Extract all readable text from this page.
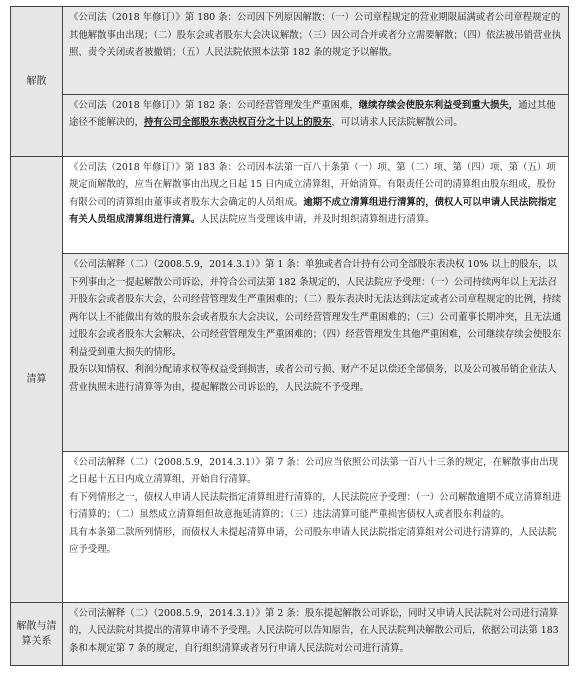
解散	《公司法（2018 年修订）》第 180 条：公司因下列原因解散：（一）公司章程规定的营业期限届满或者公司章程规定的其他解散事由出现；（二）股东会或者股东大会决议解散；（三）因公司合并或者分立需要解散；（四）依法被吊销营业执照、责令关闭或者被撤销；（五）人民法院依照本法第 182 条的规定予以解散。

	《公司法（2018 年修订）》第 182 条：公司经营管理发生严重困难，继续存续会使股东利益受到重大损失，通过其他途径不能解决的，持有公司全部股东表决权百分之十以上的股东，可以请求人民法院解散公司。

清算	《公司法（2018 年修订）》第 183 条：公司因本法第一百八十条第（一）项、第（二）项、第（四）项、第（五）项规定而解散的，应当在解散事由出现之日起 15 日内成立清算组，开始清算。有限责任公司的清算组由股东组成，股份有限公司的清算组由董事或者股东大会确定的人员组成。逾期不成立清算组进行清算的，债权人可以申请人民法院指定有关人员组成清算组进行清算。人民法院应当受理该申请，并及时组织清算组进行清算。

	《公司法解释（二）（2008.5.9，2014.3.1）》第 1 条：单独或者合计持有公司全部股东表决权 10% 以上的股东，以下列事由之一提起解散公司诉讼，并符合公司法第 182 条规定的，人民法院应予受理：（一）公司持续两年以上无法召开股东会或者股东大会，公司经营管理发生严重困难的；（二）股东表决时无法达到法定或者公司章程规定的比例，持续两年以上不能做出有效的股东会或者股东大会决议，公司经营管理发生严重困难的；（三）公司董事长期冲突，且无法通过股东会或者股东大会解决，公司经营管理发生严重困难的；（四）经营管理发生其他严重困难，公司继续存续会使股东利益受到重大损失的情形。

股东以知情权、利润分配请求权等权益受到损害，或者公司亏损、财产不足以偿还全部债务，以及公司被吊销企业法人营业执照未进行清算等为由，提起解散公司诉讼的，人民法院不予受理。

	《公司法解释（二）（2008.5.9，2014.3.1）》第 7 条：公司应当依照公司法第一百八十三条的规定，在解散事由出现之日起十五日内成立清算组，开始自行清算。

有下列情形之一，债权人申请人民法院指定清算组进行清算的，人民法院应予受理：（一）公司解散逾期不成立清算组进行清算的；（二）虽然成立清算组但故意拖延清算的；（三）违法清算可能严重损害债权人或者股东利益的。

具有本条第二款所列情形，而债权人未提起清算申请，公司股东申请人民法院指定清算组对公司进行清算的，人民法院应予受理。

解散与清算关系	《公司法解释（二）（2008.5.9，2014.3.1）》第 2 条：股东提起解散公司诉讼，同时又申请人民法院对公司进行清算的，人民法院对其提出的清算申请不予受理。人民法院可以告知原告，在人民法院判决解散公司后，依据公司法第 183 条和本规定第 7 条的规定，自行组织清算或者另行申请人民法院对公司进行清算。
